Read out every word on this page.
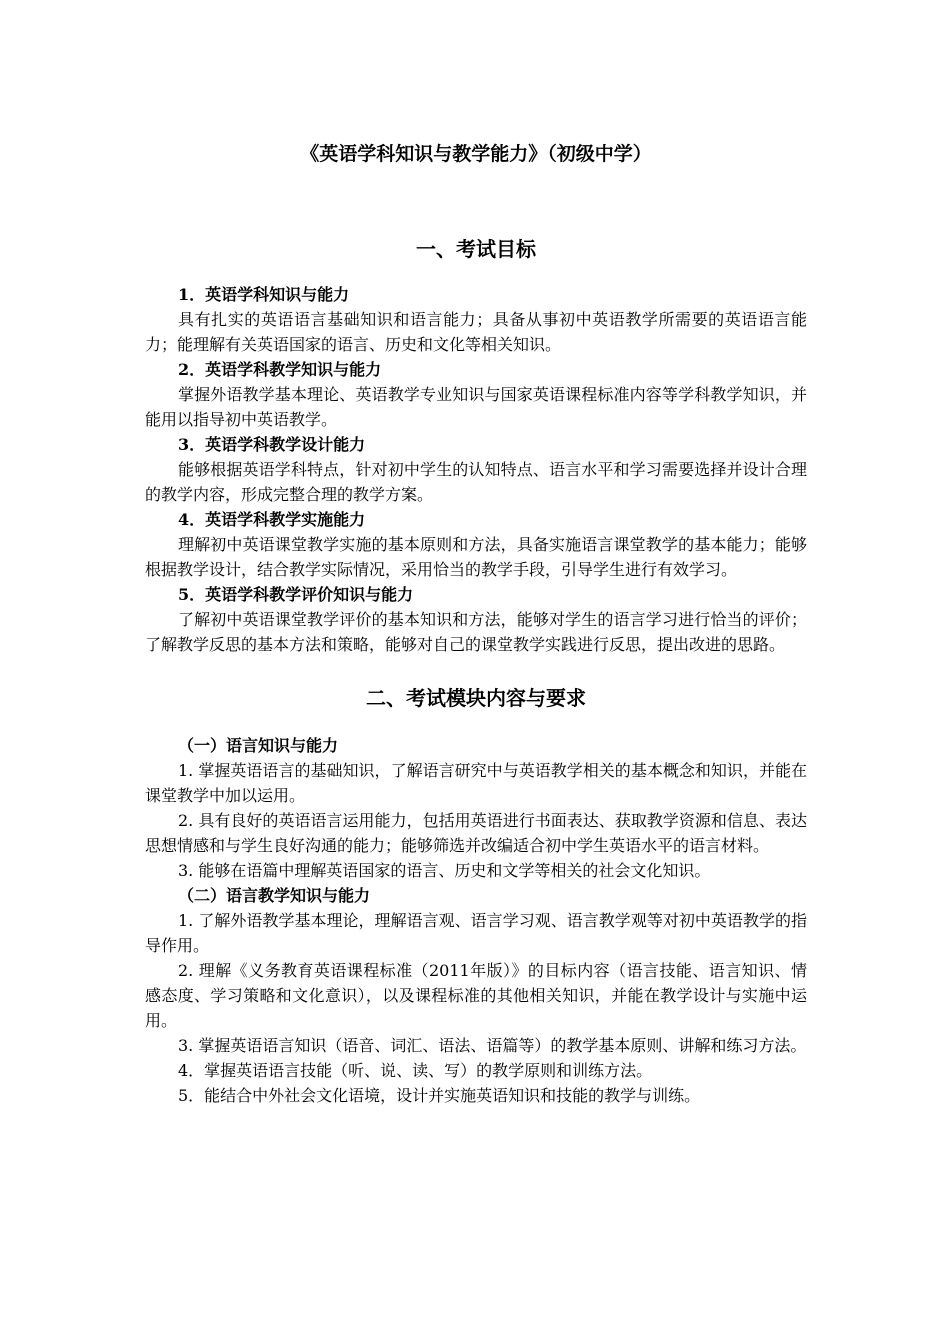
《英语学科知识与教学能力》（初级中学）

一、考试目标

1．英语学科知识与能力

具有扎实的英语语言基础知识和语言能力；具备从事初中英语教学所需要的英语语言能力；能理解有关英语国家的语言、历史和文化等相关知识。

2．英语学科教学知识与能力

掌握外语教学基本理论、英语教学专业知识与国家英语课程标准内容等学科教学知识，并能用以指导初中英语教学。

3．英语学科教学设计能力

能够根据英语学科特点，针对初中学生的认知特点、语言水平和学习需要选择并设计合理的教学内容，形成完整合理的教学方案。

4．英语学科教学实施能力

理解初中英语课堂教学实施的基本原则和方法，具备实施语言课堂教学的基本能力；能够根据教学设计，结合教学实际情况，采用恰当的教学手段，引导学生进行有效学习。

5．英语学科教学评价知识与能力

了解初中英语课堂教学评价的基本知识和方法，能够对学生的语言学习进行恰当的评价；了解教学反思的基本方法和策略，能够对自己的课堂教学实践进行反思，提出改进的思路。

二、考试模块内容与要求

（一）语言知识与能力

1. 掌握英语语言的基础知识，了解语言研究中与英语教学相关的基本概念和知识，并能在课堂教学中加以运用。

2. 具有良好的英语语言运用能力，包括用英语进行书面表达、获取教学资源和信息、表达思想情感和与学生良好沟通的能力；能够筛选并改编适合初中学生英语水平的语言材料。

3. 能够在语篇中理解英语国家的语言、历史和文学等相关的社会文化知识。

（二）语言教学知识与能力

1. 了解外语教学基本理论，理解语言观、语言学习观、语言教学观等对初中英语教学的指导作用。

2. 理解《义务教育英语课程标准（2011年版）》的目标内容（语言技能、语言知识、情感态度、学习策略和文化意识），以及课程标准的其他相关知识，并能在教学设计与实施中运用。

3. 掌握英语语言知识（语音、词汇、语法、语篇等）的教学基本原则、讲解和练习方法。

4．掌握英语语言技能（听、说、读、写）的教学原则和训练方法。

5．能结合中外社会文化语境，设计并实施英语知识和技能的教学与训练。
